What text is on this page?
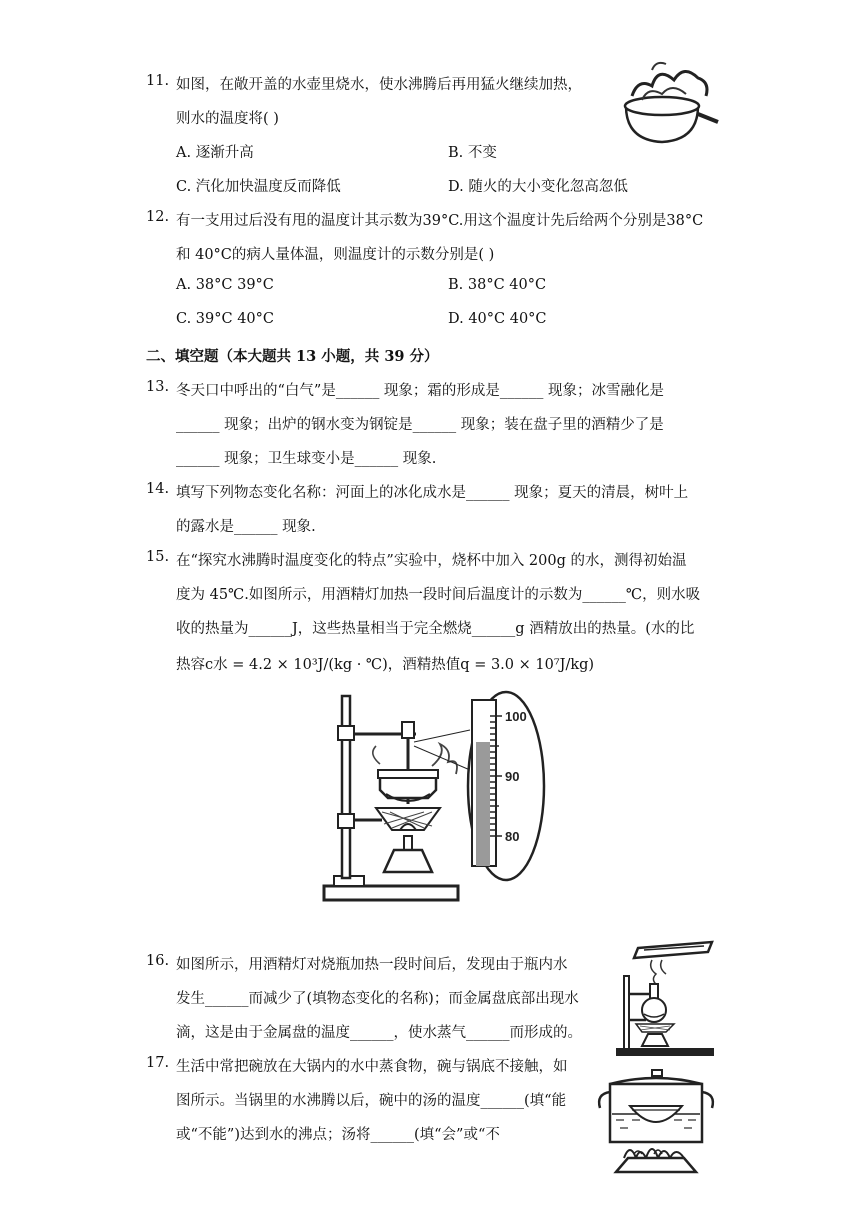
11. 如图，在敞开盖的水壶里烧水，使水沸腾后再用猛火继续加热，
则水的温度将( )
A. 逐渐升高	B. 不变
C. 汽化加快温度反而降低	D. 随火的大小变化忽高忽低
12. 有一支用过后没有甩的温度计其示数为39°C.用这个温度计先后给两个分别是38°C
和 40°C的病人量体温，则温度计的示数分别是( )
A. 38°C 39°C	B. 38°C 40°C
C. 39°C 40°C	D. 40°C 40°C
二、填空题（本大题共 13 小题，共 39 分）
13. 冬天口中呼出的“白气”是______ 现象；霜的形成是______ 现象；冰雪融化是
______ 现象；出炉的钢水变为钢锭是______ 现象；装在盘子里的酒精少了是
______ 现象；卫生球变小是______ 现象.
14. 填写下列物态变化名称：河面上的冰化成水是______ 现象；夏天的清晨，树叶上
的露水是______ 现象.
15. 在“探究水沸腾时温度变化的特点”实验中，烧杯中加入 200g 的水，测得初始温
度为 45℃.如图所示，用酒精灯加热一段时间后温度计的示数为______℃，则水吸
收的热量为______J，这些热量相当于完全燃烧______g 酒精放出的热量。(水的比
热容c水 = 4.2 × 10³J/(kg · ℃)，酒精热值q = 3.0 × 10⁷J/kg)
100
90
80
16. 如图所示，用酒精灯对烧瓶加热一段时间后，发现由于瓶内水
发生______而减少了(填物态变化的名称)；而金属盘底部出现水
滴，这是由于金属盘的温度______，使水蒸气______而形成的。
17. 生活中常把碗放在大锅内的水中蒸食物，碗与锅底不接触，如
图所示。当锅里的水沸腾以后，碗中的汤的温度______(填“能
或“不能”)达到水的沸点；汤将______(填“会”或“不
